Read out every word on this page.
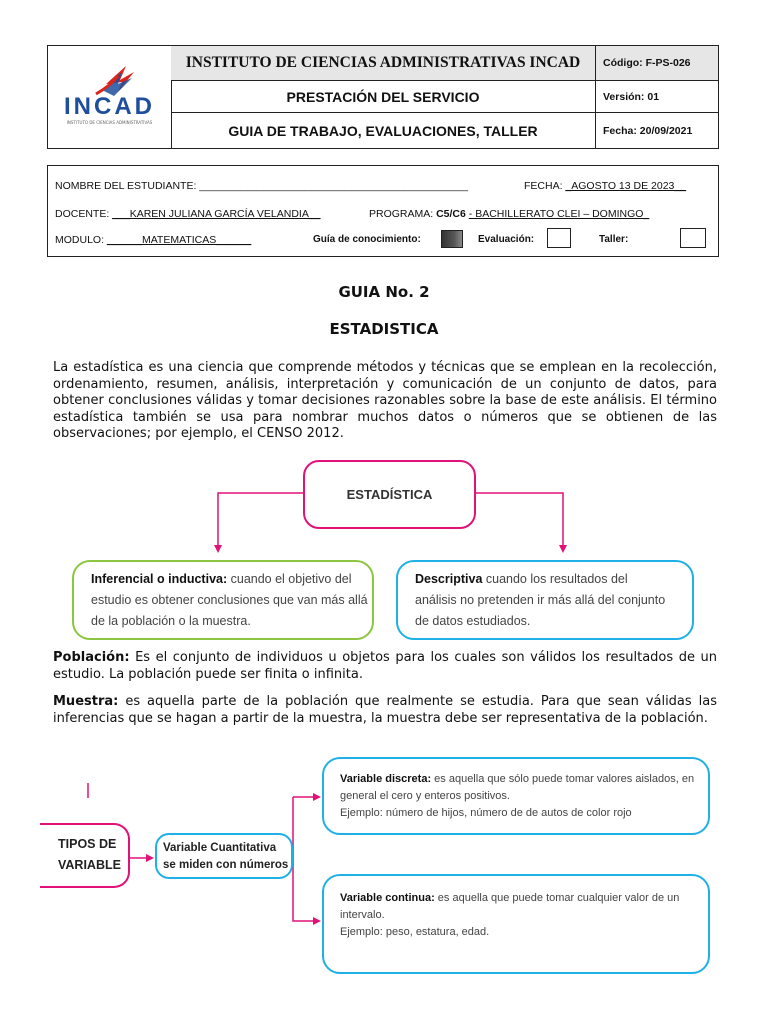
INCAD
INSTITUTO DE CIENCIAS ADMINISTRATIVAS
INSTITUTO DE CIENCIAS ADMINISTRATIVAS INCAD	Código: F-PS-026
PRESTACIÓN DEL SERVICIO	Versión: 01
GUIA DE TRABAJO, EVALUACIONES, TALLER	Fecha: 20/09/2021
NOMBRE DEL ESTUDIANTE: ______________________________________________	FECHA: _AGOSTO 13 DE 2023__
DOCENTE: ___KAREN JULIANA GARCÍA VELANDIA__	PROGRAMA: C5/C6 - BACHILLERATO CLEI – DOMINGO_
MODULO: ______MATEMATICAS______	Guía de conocimiento:	Evaluación:	Taller:
GUIA No. 2
ESTADISTICA
La estadística es una ciencia que comprende métodos y técnicas que se emplean en la recolección, ordenamiento, resumen, análisis, interpretación y comunicación de un conjunto de datos, para obtener conclusiones válidas y tomar decisiones razonables sobre la base de este análisis. El término estadística también se usa para nombrar muchos datos o números que se obtienen de las observaciones; por ejemplo, el CENSO 2012.
ESTADÍSTICA
Inferencial o inductiva: cuando el objetivo del estudio es obtener conclusiones que van más allá de la población o la muestra.
Descriptiva cuando los resultados del análisis no pretenden ir más allá del conjunto de datos estudiados.
Población: Es el conjunto de individuos u objetos para los cuales son válidos los resultados de un estudio. La población puede ser finita o infinita.
Muestra: es aquella parte de la población que realmente se estudia. Para que sean válidas las inferencias que se hagan a partir de la muestra, la muestra debe ser representativa de la población.
TIPOS DE
VARIABLE
Variable Cuantitativa
se miden con números
Variable discreta: es aquella que sólo puede tomar valores aislados, en general el cero y enteros positivos.
Ejemplo: número de hijos, número de de autos de color rojo
Variable continua: es aquella que puede tomar cualquier valor de un intervalo.
Ejemplo: peso, estatura, edad.
